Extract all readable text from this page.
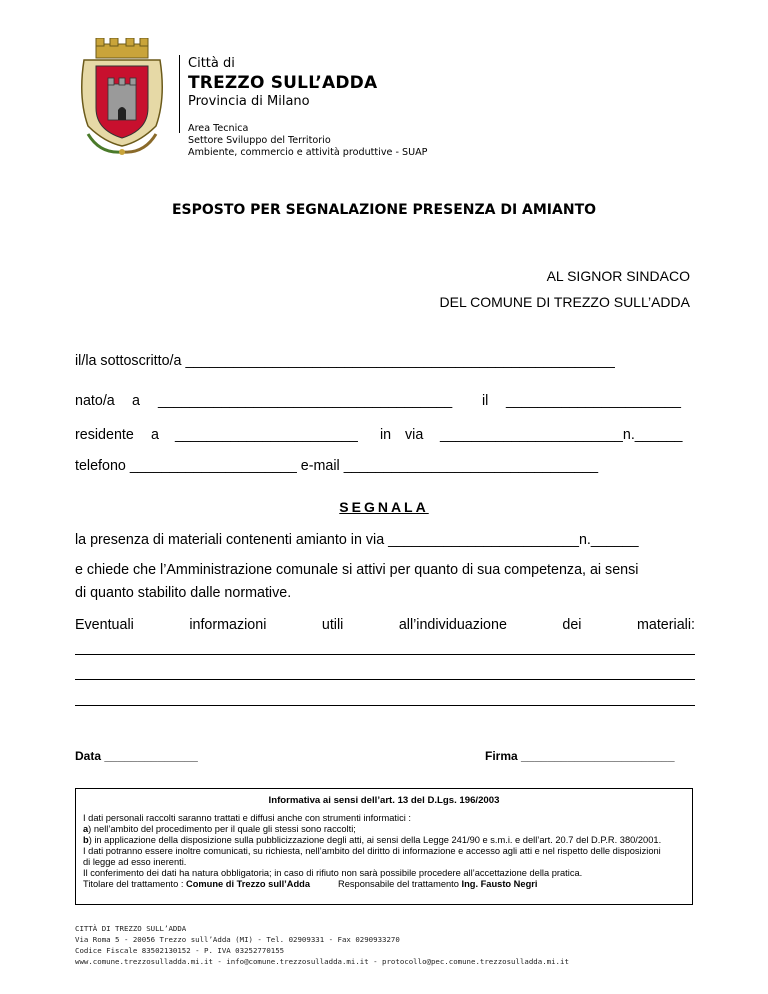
Città di
TREZZO SULL’ADDA
Provincia di Milano
Area Tecnica
Settore Sviluppo del Territorio
Ambiente, commercio e attività produttive - SUAP
ESPOSTO PER SEGNALAZIONE PRESENZA DI AMIANTO
AL SIGNOR SINDACO
DEL COMUNE DI TREZZO SULL’ADDA
il/la sottoscritto/a ______________________________________________________
nato/a a _____________________________________ il ______________________
residente a _______________________ in via _______________________n.______
telefono _____________________ e-mail ________________________________
SEGNALA
la presenza di materiali contenenti amianto in via ________________________n.______
e chiede che l’Amministrazione comunale si attivi per quanto di sua competenza, ai sensi
di quanto stabilito dalle normative.
Eventuali	informazioni	utili	all’individuazione	dei	materiali:
Data ______________	Firma _______________________
Informativa ai sensi dell’art. 13 del D.Lgs. 196/2003
I dati personali raccolti saranno trattati e diffusi anche con strumenti informatici :
a) nell’ambito del procedimento per il quale gli stessi sono raccolti;
b) in applicazione della disposizione sulla pubblicizzazione degli atti, ai sensi della Legge 241/90 e s.m.i. e dell’art. 20.7 del D.P.R. 380/2001.
I dati potranno essere inoltre comunicati, su richiesta, nell’ambito del diritto di informazione e accesso agli atti e nel rispetto delle disposizioni
di legge ad esso inerenti.
Il conferimento dei dati ha natura obbligatoria; in caso di rifiuto non sarà possibile procedere all’accettazione della pratica.
Titolare del trattamento : Comune di Trezzo sull’Adda	Responsabile del trattamento Ing. Fausto Negri
CITTÀ DI TREZZO SULL’ADDA
Via Roma 5 - 20056 Trezzo sull’Adda (MI) - Tel. 02909331 - Fax 0290933270
Codice Fiscale 83502130152 - P. IVA 03252770155
www.comune.trezzosulladda.mi.it - info@comune.trezzosulladda.mi.it - protocollo@pec.comune.trezzosulladda.mi.it
